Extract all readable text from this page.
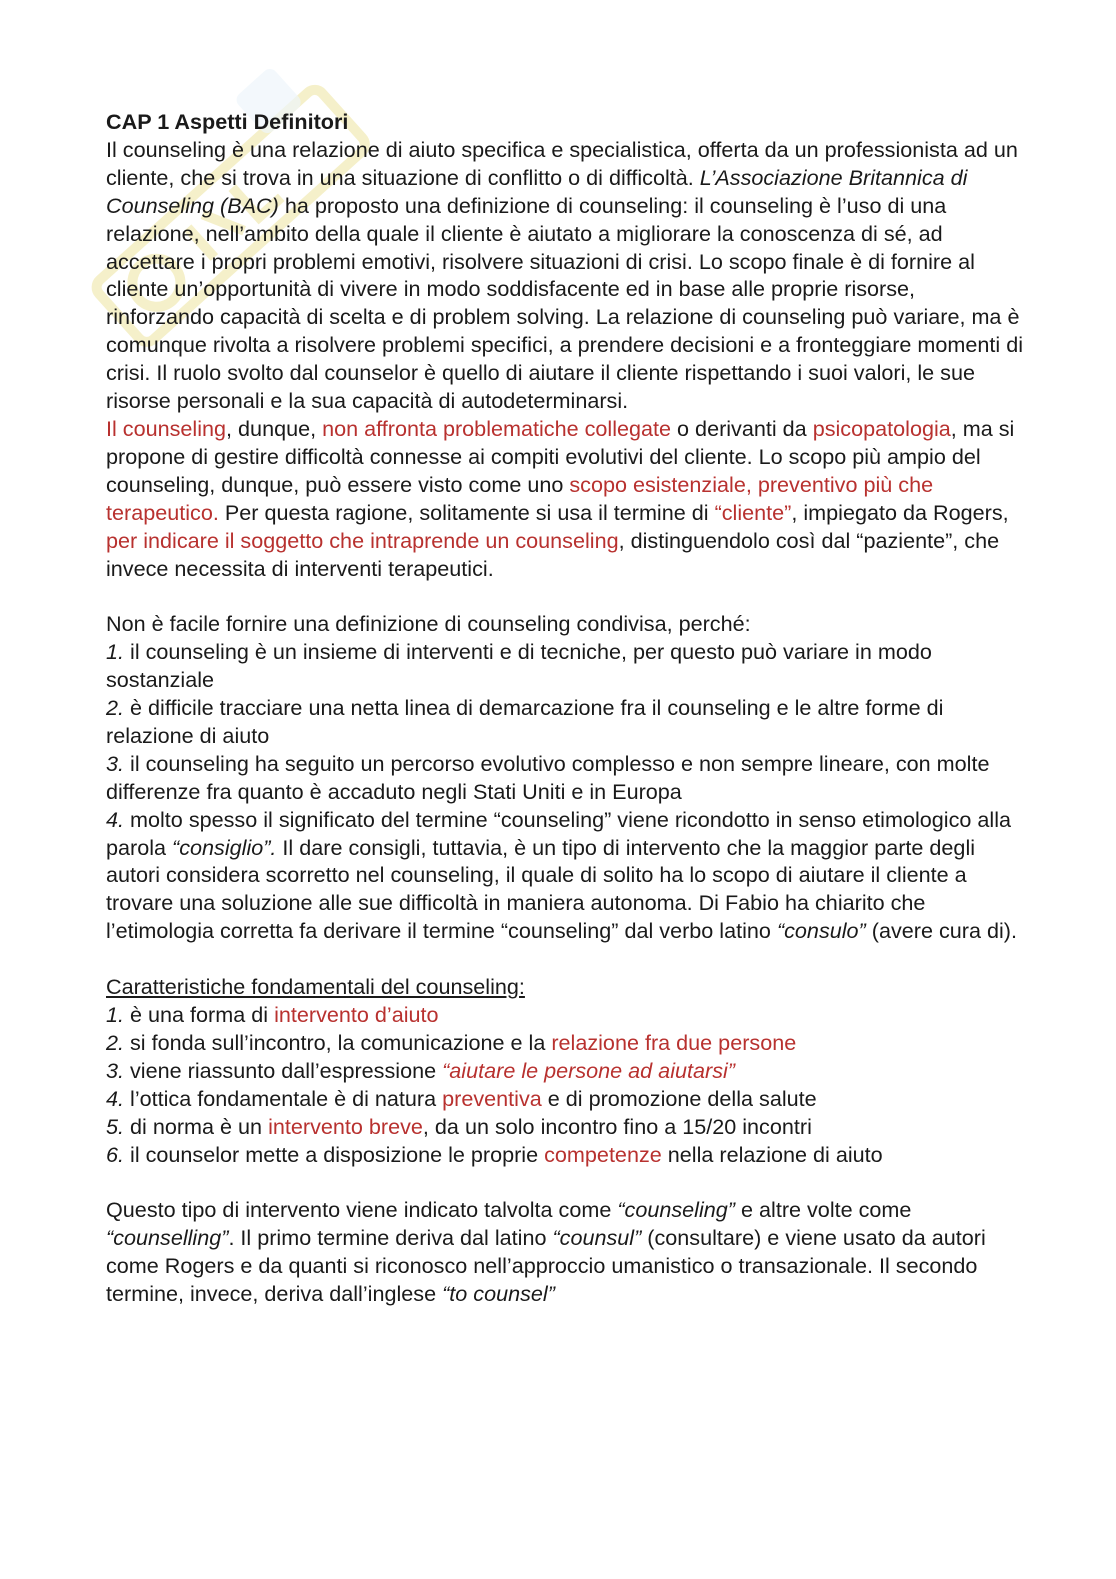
CAP 1 Aspetti Definitori

Il counseling è una relazione di aiuto specifica e specialistica, offerta da un professionista ad un cliente, che si trova in una situazione di conflitto o di difficoltà. L’Associazione Britannica di Counseling (BAC) ha proposto una definizione di counseling: il counseling è l’uso di una relazione, nell’ambito della quale il cliente è aiutato a migliorare la conoscenza di sé, ad accettare i propri problemi emotivi, risolvere situazioni di crisi. Lo scopo finale è di fornire al cliente un’opportunità di vivere in modo soddisfacente ed in base alle proprie risorse, rinforzando capacità di scelta e di problem solving. La relazione di counseling può variare, ma è comunque rivolta a risolvere problemi specifici, a prendere decisioni e a fronteggiare momenti di crisi. Il ruolo svolto dal counselor è quello di aiutare il cliente rispettando i suoi valori, le sue risorse personali e la sua capacità di autodeterminarsi.

Il counseling, dunque, non affronta problematiche collegate o derivanti da psicopatologia, ma si propone di gestire difficoltà connesse ai compiti evolutivi del cliente. Lo scopo più ampio del counseling, dunque, può essere visto come uno scopo esistenziale, preventivo più che terapeutico. Per questa ragione, solitamente si usa il termine di “cliente”, impiegato da Rogers, per indicare il soggetto che intraprende un counseling, distinguendolo così dal “paziente”, che invece necessita di interventi terapeutici.

Non è facile fornire una definizione di counseling condivisa, perché:

1. il counseling è un insieme di interventi e di tecniche, per questo può variare in modo sostanziale

2. è difficile tracciare una netta linea di demarcazione fra il counseling e le altre forme di relazione di aiuto

3. il counseling ha seguito un percorso evolutivo complesso e non sempre lineare, con molte differenze fra quanto è accaduto negli Stati Uniti e in Europa

4. molto spesso il significato del termine “counseling” viene ricondotto in senso etimologico alla parola “consiglio”. Il dare consigli, tuttavia, è un tipo di intervento che la maggior parte degli autori considera scorretto nel counseling, il quale di solito ha lo scopo di aiutare il cliente a trovare una soluzione alle sue difficoltà in maniera autonoma. Di Fabio ha chiarito che l’etimologia corretta fa derivare il termine “counseling” dal verbo latino “consulo” (avere cura di).

Caratteristiche fondamentali del counseling:

1. è una forma di intervento d’aiuto

2. si fonda sull’incontro, la comunicazione e la relazione fra due persone

3. viene riassunto dall’espressione “aiutare le persone ad aiutarsi”

4. l’ottica fondamentale è di natura preventiva e di promozione della salute

5. di norma è un intervento breve, da un solo incontro fino a 15/20 incontri

6. il counselor mette a disposizione le proprie competenze nella relazione di aiuto

Questo tipo di intervento viene indicato talvolta come “counseling” e altre volte come “counselling”. Il primo termine deriva dal latino “counsul” (consultare) e viene usato da autori come Rogers e da quanti si riconosco nell’approccio umanistico o transazionale. Il secondo termine, invece, deriva dall’inglese “to counsel”
